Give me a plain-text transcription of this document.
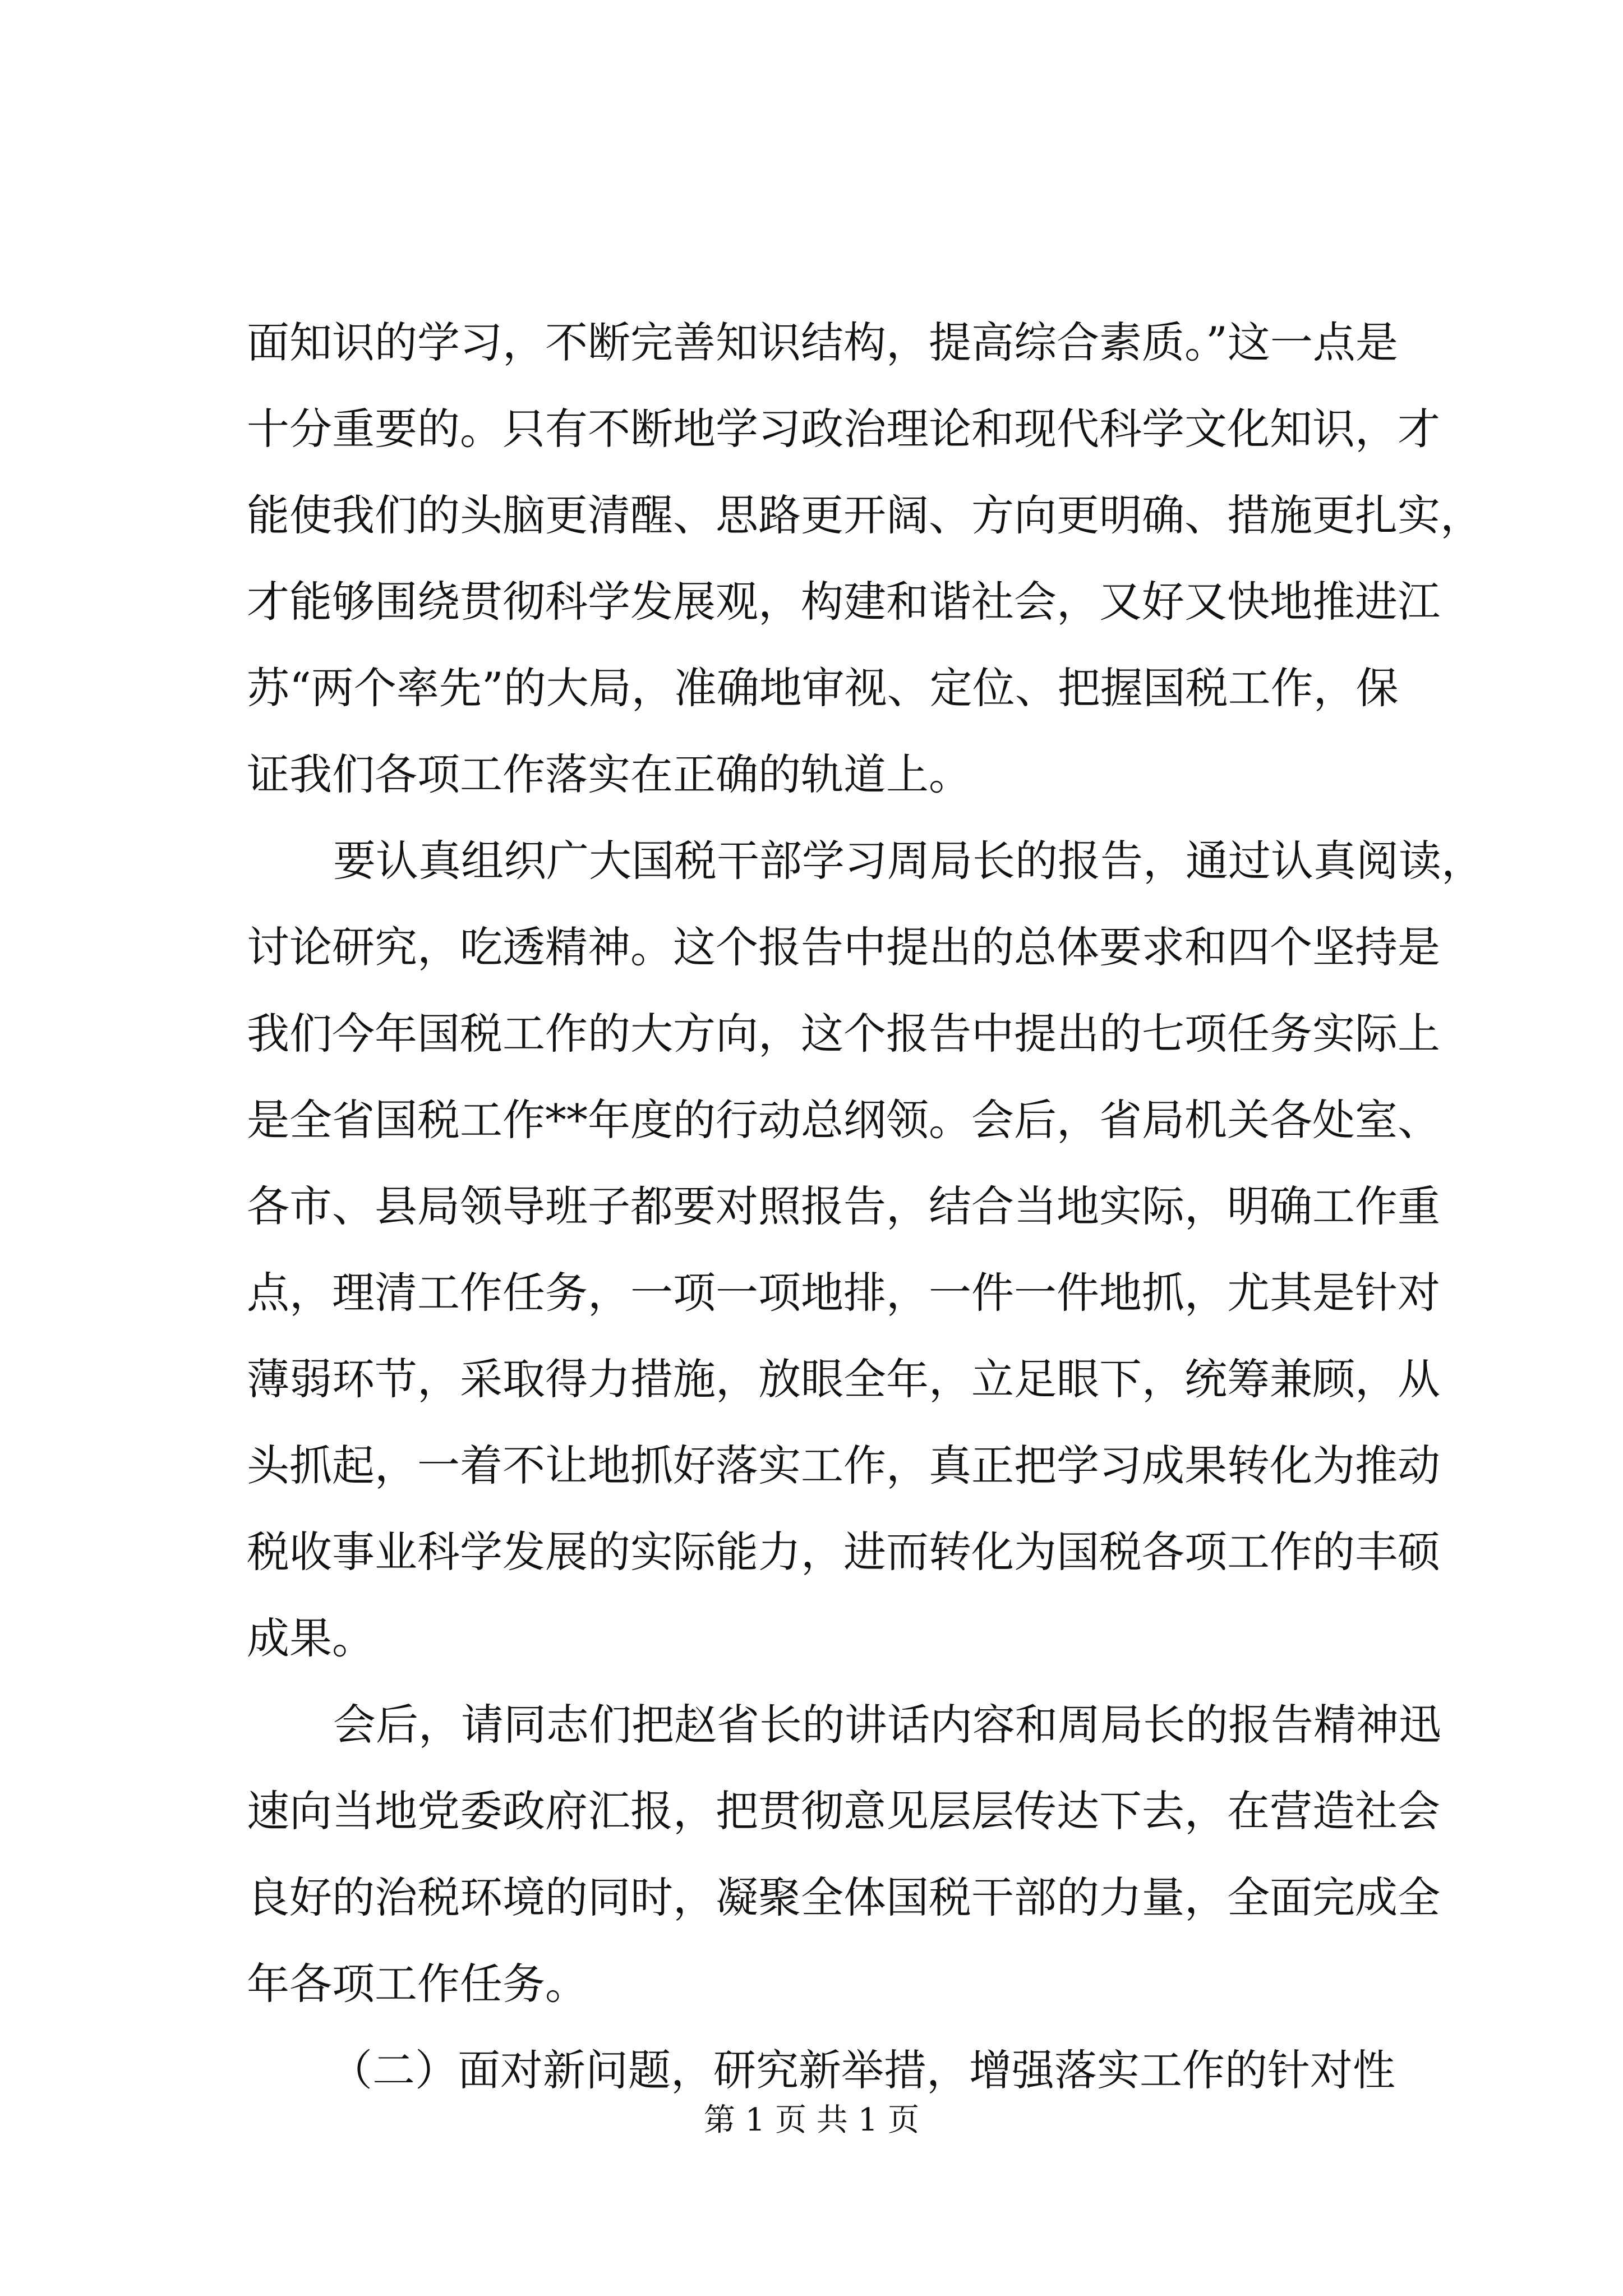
面知识的学习，不断完善知识结构，提高综合素质。”这一点是
十分重要的。只有不断地学习政治理论和现代科学文化知识，才
能使我们的头脑更清醒、思路更开阔、方向更明确、措施更扎实，
才能够围绕贯彻科学发展观，构建和谐社会，又好又快地推进江
苏“两个率先”的大局，准确地审视、定位、把握国税工作，保
证我们各项工作落实在正确的轨道上。
要认真组织广大国税干部学习周局长的报告，通过认真阅读，
讨论研究，吃透精神。这个报告中提出的总体要求和四个坚持是
我们今年国税工作的大方向，这个报告中提出的七项任务实际上
是全省国税工作**年度的行动总纲领。会后，省局机关各处室、
各市、县局领导班子都要对照报告，结合当地实际，明确工作重
点，理清工作任务，一项一项地排，一件一件地抓，尤其是针对
薄弱环节，采取得力措施，放眼全年，立足眼下，统筹兼顾，从
头抓起，一着不让地抓好落实工作，真正把学习成果转化为推动
税收事业科学发展的实际能力，进而转化为国税各项工作的丰硕
成果。
会后，请同志们把赵省长的讲话内容和周局长的报告精神迅
速向当地党委政府汇报，把贯彻意见层层传达下去，在营造社会
良好的治税环境的同时，凝聚全体国税干部的力量，全面完成全
年各项工作任务。
（二）面对新问题，研究新举措，增强落实工作的针对性
第 1 页 共 1 页
